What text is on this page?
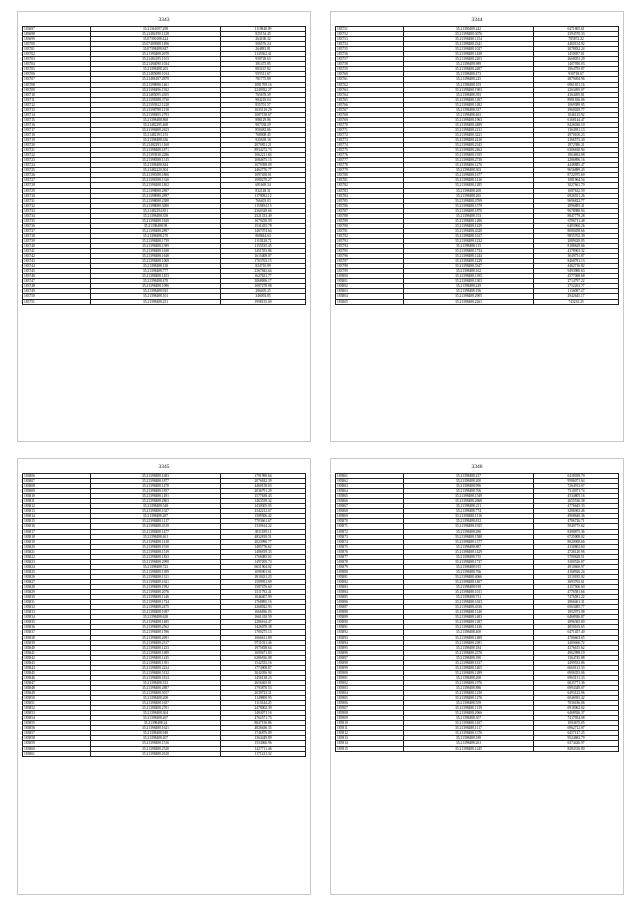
3343
183697	35.21361097.298	1119848.09
183698	35.21484190.1128	825154.45
183699	35.07390188.424	264168.32
183700	35.07409588.1496	506576.24
183701	35.07398488.847	264881.81
183702	35.21390488.2678	1145362.41
183703	35.21484195.1013	958728.63
183704	35.21494090.1034	381475.85
183705	35.21398488.203	883167.82
183706	35.21485088.1014	935511.67
183707	35.21486187.2879	781775.89
183708	35.21398088.1461	1081709.16
183709	35.21398496.1932	2240932.27
183710	35.21485095.4355	765678.39
183711	35.21398388.3730	984218.04
183712	35.21393922.1228	855701.57
183713	35.21398788.1138	1635116.29
183714	35.21398495.2793	1087158.67
183715	35.21398488.868	888129.86
183716	35.21482295.468	907338.29
183717	35.21398488.2623	850482.86
183718	35.21482193.153	768008.45
183719	35.21398488.636	925639.16
183720	35.21482293.1168	2070851.21
183721	35.21398488.1871	8934272.73
183722	35.21393938.2286	1062211.84
183723	35.21398388.1315	1084675.15
183724	35.21398488.844	1079398.09
183725	35.21482220.504	2462776.77
183726	35.21398188.1806	1097458.01
183727	35.21398188.1320	1080270.27
183728	35.21398488.1402	681669.34
183729	35.21398088.2897	832148.31
183730	35.21398088.2897	1179092.12
183731	35.21398088.2388	766403.03
183732	35.21398088.3080	1159494.15
183733	35.21482294.851	2360328.66
183734	35.21398488.358	2521333.49
183735	35.21398488.1849	1679250.59
183736	35.21398488.98	1531455.78
183737	35.21398488.2897	1467074.64
183738	35.21398488.270	868844.63
183739	35.21398488.1739	1110320.72
183740	35.21398488.1589	1155535.45
183741	35.21398488.1638	1451553.86
183742	35.21398488.1648	1615408.07
183743	35.21398488.1069	1763763.15
183744	35.21398488.130	824710.89
183745	35.21398488.777	2367843.64
183746	35.21398488.1453	1627631.77
183747	35.21398488.470	3068696.17
183748	35.21398488.1096	1087278.08
183749	35.21398488.925	286405.25
183750	35.21398488.101	346093.85
183751	35.21398488.251	1998155.69
3344
183751	35.21390488.242	6471805.61
183752	35.21398488.3076	2394570.33
183753	35.21398488.1154	785872.22
183754	35.21398488.2341	4460154.92
183755	35.21398488.1027	2078832.24
183756	35.21398488.1438	1450057.01
183757	35.21398488.2203	2668053.29
183758	35.21398488.989	1407950.03
183759	35.21398488.2487	1964795.87
183760	35.21398488.473	930718.67
183761	35.21398488.225	2879494.96
183762	35.21398488.103	6961651.16
183763	35.21398488.1903	2263495.07
183764	35.21398488.393	4164495.81
183765	35.21398488.1187	8981656.06
183766	35.21398488.1482	1069389.95
183767	35.21398488.337	2960029.77
183768	35.21398488.463	1046125.92
183769	35.21398488.1963	6168144.47
183770	35.21398488.4489	8426036.10
183771	35.21398488.2131	1364931.13
183772	35.21398488.3221	2970100.23
183773	35.21398488.2410	2166573.30
183774	35.21398488.2343	1872386.21
183775	35.21398488.2462	6306630.94
183776	35.21398488.1935	1864692.08
183777	35.21398488.2730	2286896.16
183778	35.21398488.1276	4448885.47
183779	35.21398488.303	9656889.43
183780	35.21398488.1677	8722975.69
183781	35.21398488.1416	1081964.54
183782	35.21398488.1285	3027661.79
183783	35.21398488.269	1087632.59
183784	35.21398488.265	6926551.26
183785	35.21398488.4769	9696822.77
183786	35.21398488.1579	2896883.41
183787	35.21398488.1870	9678988.94
183788	35.21398488.153	8847779.28
183789	35.21398488.1286	6796711.48
183790	35.21398488.1229	6403960.26
183791	35.21398488.4320	8080458.66
183792	35.21398488.1617	9855702.39
183793	35.21398488.1232	2089429.05
183794	35.21398488.115	8188629.66
183795	35.21398488.1734	4178903.32
183796	35.21398488.1244	3049751.87
183797	35.21398488.1229	8468781.13
183798	35.21398488.3347	4462716.82
183799	35.21398488.162	9493980.63
183800	35.21398488.1185	4577068.68
183801	35.21398488.1303	2714797.22
183802	35.21398488.229	2752263.77
183803	35.21398488.196	1136087.27
183804	35.21398488.2905	2942645.17
183805	35.21398488.2261	743235.25
3345
183806	35.21398488.1683	1791990.64
183807	35.21398488.1877	2076632.39
183808	35.21398488.1478	4460158.03
183809	35.21398488.1857	2036791.29
183810	35.21398488.1491	1577638.43
183811	35.21398488.2863	1463539.32
183812	35.21398488.548	1430305.05
183813	35.21398488.1027	2342212.67
183814	35.21398488.287	1589506.42
183815	35.21398488.1117	7703661.67
183816	35.21398488.4319	1330614.22
183817	35.21398488.1477	3911189.11
183818	35.21398488.461	4832818.51
183819	35.21398488.1418	2023990.77
183820	35.21398488.1910	1485776.62
183821	35.21398488.1519	1486819.33
183822	35.21398488.1833	1766085.02
183823	35.21398488.2990	1497209.73
183824	35.21398488.723	6651904.02
183825	35.21398488.1399	1096901.61
183826	35.21398488.1311	1810431.23
183827	35.21398488.1621	1509951.69
183828	35.21398488.1992	1587476.60
183829	35.21398488.2076	1511792.41
183830	35.21398488.1146	1046407.99
183831	35.21398488.1734	1768895.16
183832	35.21398488.2475	2268022.93
183833	35.21398488.1697	1666836.03
183834	35.21398488.628	1661410.59
183835	35.21398488.1485	2286164.47
183836	35.21398488.2562	1426078.38
183837	35.21398488.1596	1780275.13
183838	35.21398488.2691	1666611.89
183839	35.21398488.2317	9711031.46
183840	35.21398488.1233	1975838.64
183841	35.21398488.1699	1690671.83
183842	35.21398488.1245	6286816.88
183843	35.21398488.1391	1542533.16
183844	35.21398488.2234	1774908.87
183845	35.21398488.5132	3042056.94
183846	35.21398488.1814	1456138.23
183847	35.21398488.533	2656465.81
183848	35.21398488.2887	1793870.53
183849	35.21398488.3017	2039723.31
183850	35.21398488.208	1149808.95
183851	35.21398488.1657	1113344.25
183852	35.21398488.2701	2478002.39
183853	35.21398488.304	1484071.16
183854	35.21398488.267	4762571.73
183855	35.21398488.24	8847156.86
183856	35.21398488.1621	4826636.35
183857	35.21398488.948	1746876.89
183858	35.21398488.207	1364449.89
183859	35.21398488.1516	1554066.96
183860	35.21398488.2528	1427711.46
183861	35.21398488.2610	1171221.32
3346
183861	35.21398488.237	6418039.79
183862	35.21398488.200	9586071.64
183863	35.21398488.996	7264913.67
183864	35.21398488.706	7310071.74
183865	35.21398488.1549	4534805.16
183866	35.21398488.2668	2655536.38
183867	35.21398488.211	4776645.33
183868	35.21398488.774	3286963.46
183869	35.21398488.1116	4968640.36
183870	35.21398488.812	4786726.71
183871	35.21398488.1925	5040775.62
183872	35.21398488.280	8498875.36
183873	35.21398488.1588	6725008.02
183874	35.21398488.1377	8020968.66
183875	35.21398488.887	4130802.60
183876	35.21398488.1429	2726120.96
183877	35.21398488.735	5700628.51
183878	35.21398488.1737	3300526.87
183879	35.21398488.915	4910660.97
183880	35.21398488.766	4168926.24
183881	35.21398488.4066	2310185.02
183882	35.21398488.1407	3693765.61
183883	35.21398488.918	4157506.60
183884	35.21398488.1011	4776581.66
183885	35.21398488.731	7476581.22
183886	35.21398488.1633	2866461.31
183887	35.21398488.4336	6563485.77
183888	35.21398488.1140	1852973.98
183889	35.21398488.1483	6468926.87
183890	35.21398488.1287	2896365.80
183891	35.21398488.1436	4850165.65
183892	35.21398488.400	6471457.40
183893	35.21398488.1489	4706663.65
183894	35.21398488.2391	2409466.72
183895	35.21398488.184	4376615.62
183896	35.21398488.2376	4962998.19
183897	35.21398488.390	1364745.88
183898	35.21398488.1137	2499533.86
183899	35.21398488.1405	6660121.33
183900	35.21398488.1289	6906353.06
183901	35.21398488.208	6963131.33
183902	35.21398488.1976	6025771.36
183903	35.21398488.886	6994349.07
183904	35.21398488.1230	6493123.96
183905	35.21398488.1276	6046935.42
183906	35.21398488.559	7036186.06
183907	35.21398488.1139	6918062.02
183908	35.21398488.2066	6468926.37
183909	35.21398488.307	7417934.08
183910	35.21398488.1457	1094675.05
183911	35.21398488.1117	6962712.97
183912	35.21398488.1376	6457127.25
183913	35.21398488.188	9524682.79
183914	35.21398488.261	6374426.97
183915	35.21398488.1245	8284316.80
